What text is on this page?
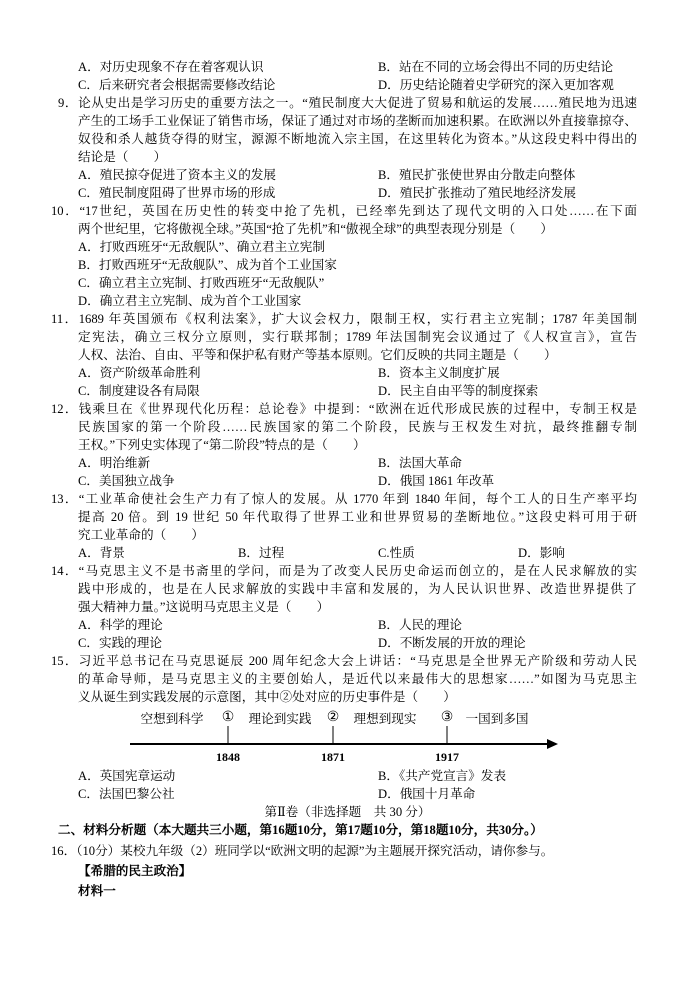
A．对历史现象不存在着客观认识	B．站在不同的立场会得出不同的历史结论
C．后来研究者会根据需要修改结论	D．历史结论随着史学研究的深入更加客观
9．论从史出是学习历史的重要方法之一。“殖民制度大大促进了贸易和航运的发展……殖民地为迅速
产生的工场手工业保证了销售市场，保证了通过对市场的垄断而加速积累。在欧洲以外直接靠掠夺、
奴役和杀人越货夺得的财宝，源源不断地流入宗主国，在这里转化为资本。”从这段史料中得出的
结论是（　　）
A．殖民掠夺促进了资本主义的发展	B．殖民扩张使世界由分散走向整体
C．殖民制度阻碍了世界市场的形成	D．殖民扩张推动了殖民地经济发展
10．“17世纪，英国在历史性的转变中抢了先机，已经率先到达了现代文明的入口处……在下面
两个世纪里，它将傲视全球。”英国“抢了先机”和“傲视全球”的典型表现分别是（　　）
A．打败西班牙“无敌舰队”、确立君主立宪制
B．打败西班牙“无敌舰队”、成为首个工业国家
C．确立君主立宪制、打败西班牙“无敌舰队”
D．确立君主立宪制、成为首个工业国家
11．1689 年英国颁布《权利法案》，扩大议会权力，限制王权，实行君主立宪制；1787 年美国制
定宪法，确立三权分立原则，实行联邦制；1789 年法国制宪会议通过了《人权宣言》，宣告
人权、法治、自由、平等和保护私有财产等基本原则。它们反映的共同主题是（　　）
A．资产阶级革命胜利	B．资本主义制度扩展
C．制度建设各有局限	D．民主自由平等的制度探索
12．钱乘旦在《世界现代化历程：总论卷》中提到：“欧洲在近代形成民族的过程中，专制王权是
民族国家的第一个阶段……民族国家的第二个阶段，民族与王权发生对抗，最终推翻专制
王权。”下列史实体现了“第二阶段”特点的是（　　）
A．明治维新	B．法国大革命
C．美国独立战争	D．俄国 1861 年改革
13．“工业革命使社会生产力有了惊人的发展。从 1770 年到 1840 年间，每个工人的日生产率平均
提高 20 倍。到 19 世纪 50 年代取得了世界工业和世界贸易的垄断地位。”这段史料可用于研
究工业革命的（　　）
A．背景	B．过程	C.性质	D．影响
14．“马克思主义不是书斋里的学问，而是为了改变人民历史命运而创立的，是在人民求解放的实
践中形成的，也是在人民求解放的实践中丰富和发展的，为人民认识世界、改造世界提供了
强大精神力量。”这说明马克思主义是（　　）
A．科学的理论	B．人民的理论
C．实践的理论	D．不断发展的开放的理论
15．习近平总书记在马克思诞辰 200 周年纪念大会上讲话：“马克思是全世界无产阶级和劳动人民
的革命导师，是马克思主义的主要创始人，是近代以来最伟大的思想家……”如图为马克思主
义从诞生到实践发展的示意图，其中②处对应的历史事件是（　　）
空想到科学	理论到实践	理想到现实	一国到多国
①	②	③
1848	1871	1917
A．英国宪章运动	B．《共产党宣言》发表
C．法国巴黎公社	D．俄国十月革命
第Ⅱ卷（非选择题　共 30 分）
二、材料分析题（本大题共三小题，第16题10分，第17题10分，第18题10分，共30分。）
16．（10分）某校九年级（2）班同学以“欧洲文明的起源”为主题展开探究活动，请你参与。
【希腊的民主政治】
材料一
